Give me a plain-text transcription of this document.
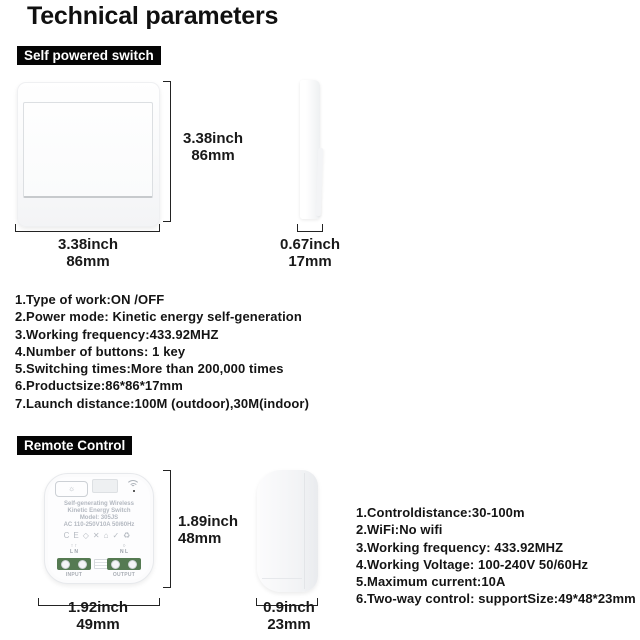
Technical parameters
Self powered switch
3.38inch
86mm
3.38inch
86mm
0.67inch
17mm
1.Type of work:ON /OFF
2.Power mode: Kinetic energy self-generation
3.Working frequency:433.92MHZ
4.Number of buttons: 1 key
5.Switching times:More than 200,000 times
6.Productsize:86*86*17mm
7.Launch distance:100M (outdoor),30M(indoor)
Remote Control
☼
Self-generating Wireless
Kinetic Energy Switch
Model: 305JS
AC 110-250V10A 50/60Hz
CE◇✕⌂✓♻
↑ ↑
L N
○
N L
INPUT	OUTPUT
1.89inch
48mm
1.92inch
49mm
0.9inch
23mm
1.Controldistance:30-100m
2.WiFi:No wifi
3.Working frequency: 433.92MHZ
4.Working Voltage: 100-240V 50/60Hz
5.Maximum current:10A
6.Two-way control: supportSize:49*48*23mm
